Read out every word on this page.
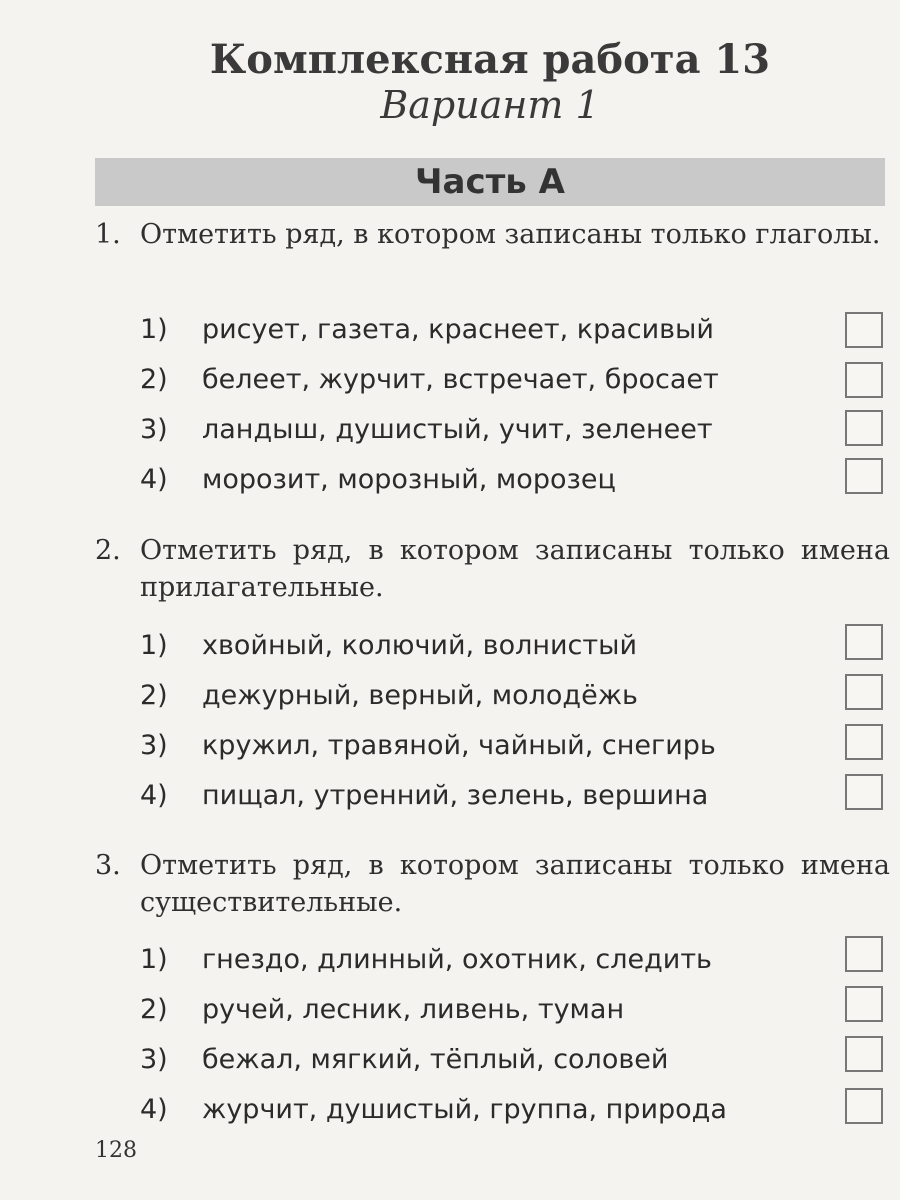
Комплексная работа 13
Вариант 1
Часть А
1. Отметить ряд, в котором записаны только глаголы.
1)	рисует, газета, краснеет, красивый
2)	белеет, журчит, встречает, бросает
3)	ландыш, душистый, учит, зеленеет
4)	морозит, морозный, морозец
2. Отметить ряд, в котором записаны только имена прилагательные.
1)	хвойный, колючий, волнистый
2)	дежурный, верный, молодёжь
3)	кружил, травяной, чайный, снегирь
4)	пищал, утренний, зелень, вершина
3. Отметить ряд, в котором записаны только имена существительные.
1)	гнездо, длинный, охотник, следить
2)	ручей, лесник, ливень, туман
3)	бежал, мягкий, тёплый, соловей
4)	журчит, душистый, группа, природа
128
